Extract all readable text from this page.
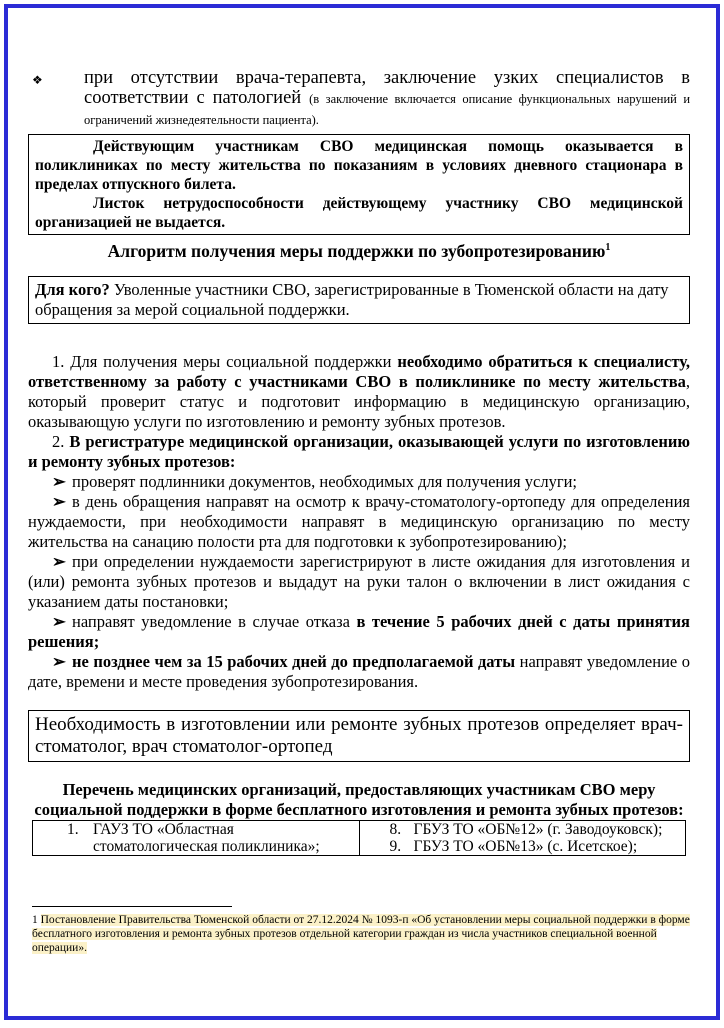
❖ при отсутствии врача-терапевта, заключение узких специалистов в соответствии с патологией (в заключение включается описание функциональных нарушений и ограничений жизнедеятельности пациента).

Действующим участникам СВО медицинская помощь оказывается в поликлиниках по месту жительства по показаниям в условиях дневного стационара в пределах отпускного билета.

Листок нетрудоспособности действующему участнику СВО медицинской организацией не выдается.

Алгоритм получения меры поддержки по зубопротезированию$^1$
Для кого? Уволенные участники СВО, зарегистрированные в Тюменской области на дату обращения за мерой социальной поддержки.

1. Для получения меры социальной поддержки необходимо обратиться к специалисту, ответственному за работу с участниками СВО в поликлинике по месту жительства, который проверит статус и подготовит информацию в медицинскую организацию, оказывающую услуги по изготовлению и ремонту зубных протезов.

2. В регистратуре медицинской организации, оказывающей услуги по изготовлению и ремонту зубных протезов:

➢ проверят подлинники документов, необходимых для получения услуги;

➢ в день обращения направят на осмотр к врачу-стоматологу-ортопеду для определения нуждаемости, при необходимости направят в медицинскую организацию по месту жительства на санацию полости рта для подготовки к зубопротезированию);

➢ при определении нуждаемости зарегистрируют в листе ожидания для изготовления и (или) ремонта зубных протезов и выдадут на руки талон о включении в лист ожидания с указанием даты постановки;

➢ направят уведомление в случае отказа в течение 5 рабочих дней с даты принятия решения;

➢ не позднее чем за 15 рабочих дней до предполагаемой даты направят уведомление о дате, времени и месте проведения зубопротезирования.

Необходимость в изготовлении или ремонте зубных протезов определяет врач-стоматолог, врач стоматолог-ортопед
Перечень медицинских организаций, предоставляющих участникам СВО меру социальной поддержки в форме бесплатного изготовления и ремонта зубных протезов:
1. ГАУЗ ТО «Областная стоматологическая поликлиника»;

8. ГБУЗ ТО «ОБ№12» (г. Заводоуковск);
9. ГБУЗ ТО «ОБ№13» (с. Исетское);
1 Постановление Правительства Тюменской области от 27.12.2024 № 1093-п «Об установлении меры социальной поддержки в форме бесплатного изготовления и ремонта зубных протезов отдельной категории граждан из числа участников специальной военной операции».
